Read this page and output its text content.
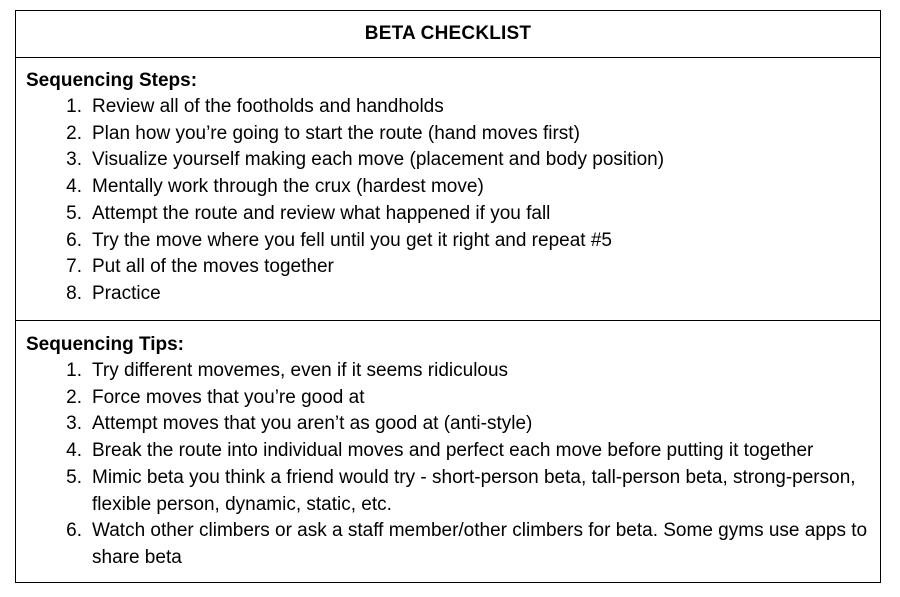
BETA CHECKLIST

Sequencing Steps:

1. Review all of the footholds and handholds
2. Plan how you’re going to start the route (hand moves first)
3. Visualize yourself making each move (placement and body position)
4. Mentally work through the crux (hardest move)
5. Attempt the route and review what happened if you fall
6. Try the move where you fell until you get it right and repeat #5
7. Put all of the moves together
8. Practice

Sequencing Tips:

1. Try different movemes, even if it seems ridiculous
2. Force moves that you’re good at
3. Attempt moves that you aren’t as good at (anti-style)
4. Break the route into individual moves and perfect each move before putting it together
5. Mimic beta you think a friend would try - short-person beta, tall-person beta, strong-person, flexible person, dynamic, static, etc.
6. Watch other climbers or ask a staff member/other climbers for beta. Some gyms use apps to share beta
